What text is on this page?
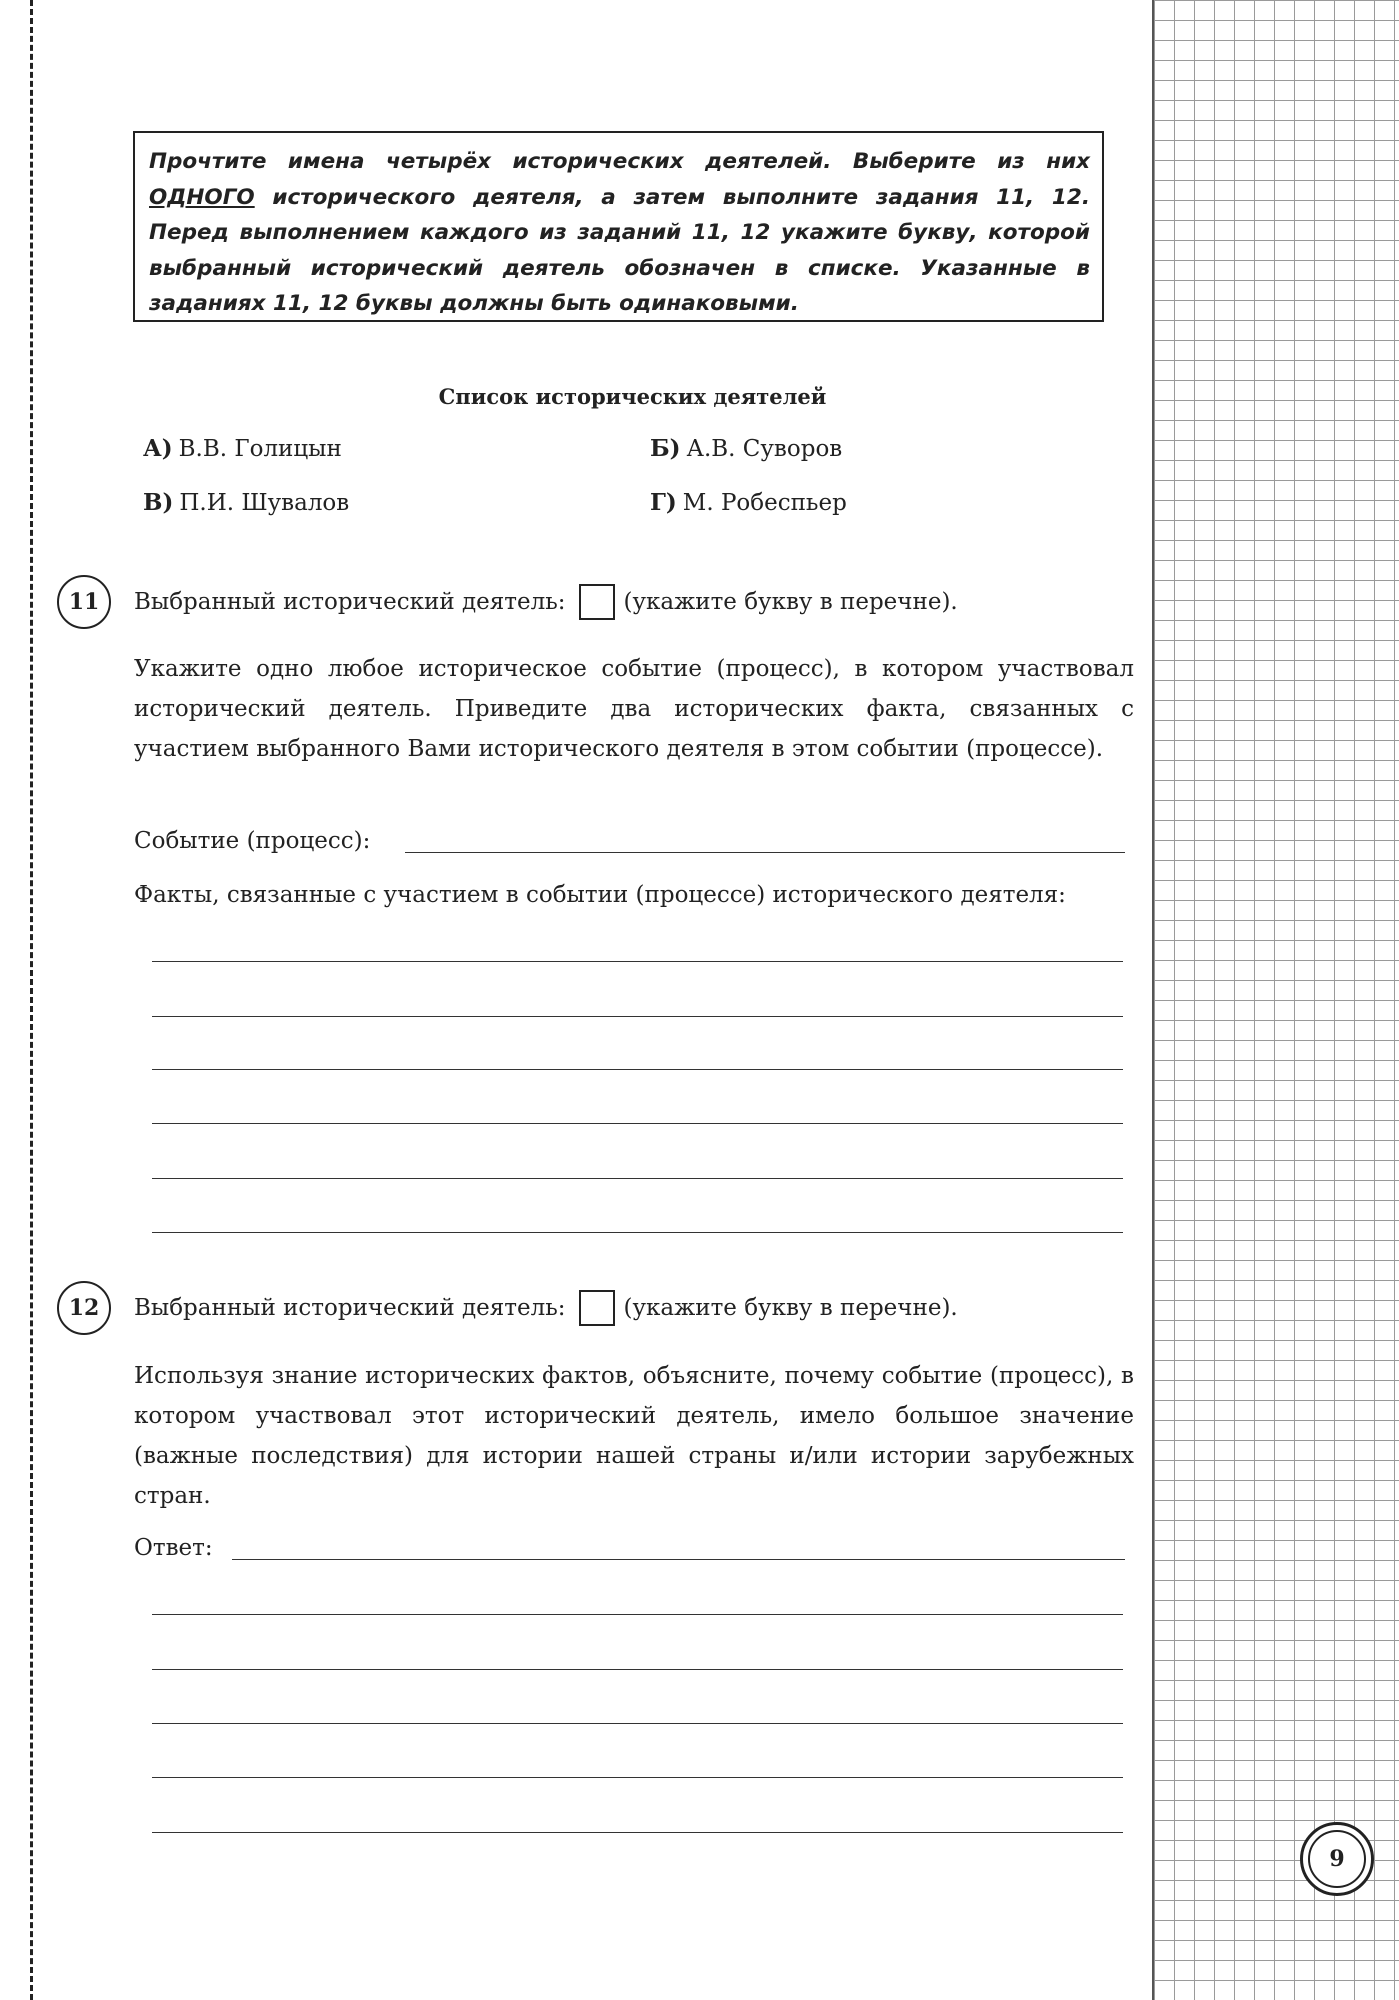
Прочтите имена четырёх исторических деятелей. Выберите из них ОДНОГО исторического деятеля, а затем выполните задания 11, 12. Перед выполнением каждого из заданий 11, 12 укажите букву, которой выбранный исторический деятель обозначен в списке. Указанные в заданиях 11, 12 буквы должны быть одинаковыми.
Список исторических деятелей
А) В.В. Голицын	Б) А.В. Суворов
В) П.И. Шувалов	Г) М. Робеспьер
11	Выбранный исторический деятель:	(укажите букву в перечне).
Укажите одно любое историческое событие (процесс), в котором участвовал исторический деятель. Приведите два исторических факта, связанных с участием выбранного Вами исторического деятеля в этом событии (процессе).
Событие (процесс):
Факты, связанные с участием в событии (процессе) исторического деятеля:
12	Выбранный исторический деятель:	(укажите букву в перечне).
Используя знание исторических фактов, объясните, почему событие (процесс), в котором участвовал этот исторический деятель, имело большое значение (важные последствия) для истории нашей страны и/или истории зарубежных стран.
Ответ:
9
